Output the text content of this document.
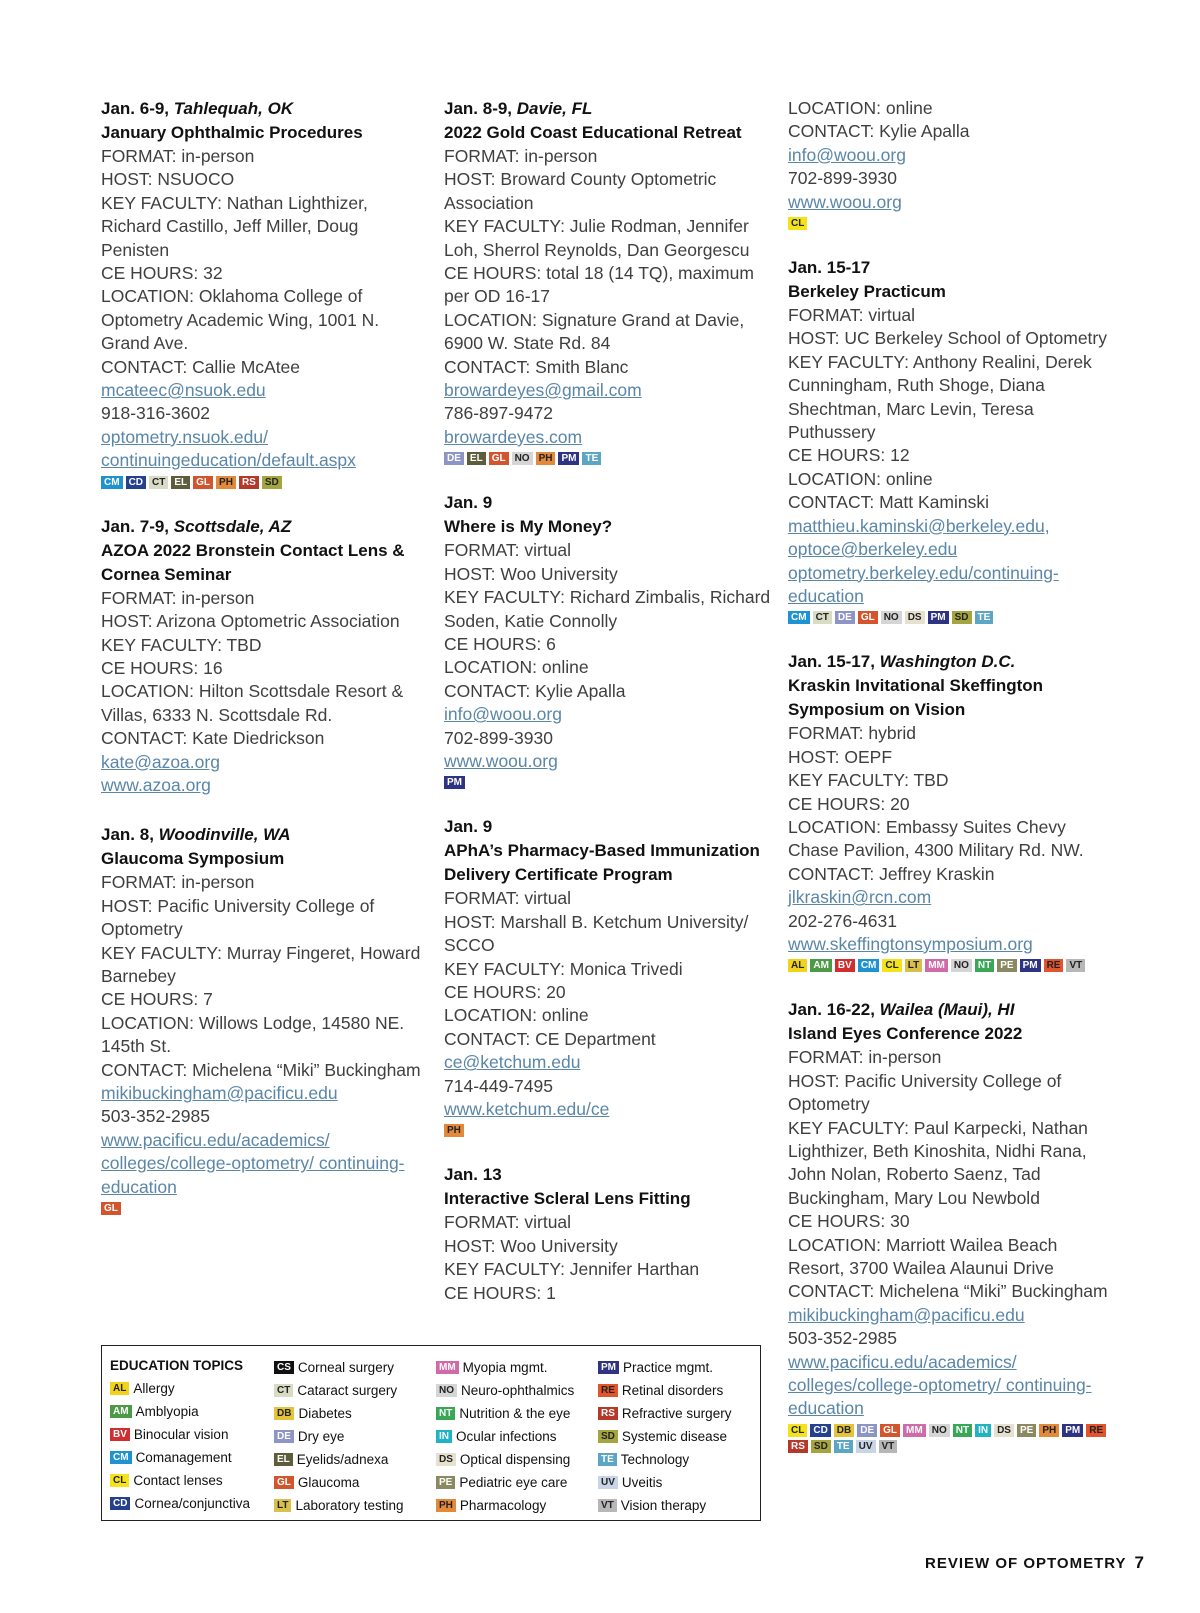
Jan. 6-9, Tahlequah, OK
January Ophthalmic Procedures
FORMAT: in-person
HOST: NSUOCO
KEY FACULTY: Nathan Lighthizer, Richard Castillo, Jeff Miller, Doug Penisten
CE HOURS: 32
LOCATION: Oklahoma College of Optometry Academic Wing, 1001 N. Grand Ave.
CONTACT: Callie McAtee
mcateec@nsuok.edu
918-316-3602
optometry.nsuok.edu/ continuingeducation/default.aspx
CM CD CT EL GL PH RS SD
Jan. 7-9, Scottsdale, AZ
AZOA 2022 Bronstein Contact Lens & Cornea Seminar
FORMAT: in-person
HOST: Arizona Optometric Association
KEY FACULTY: TBD
CE HOURS: 16
LOCATION: Hilton Scottsdale Resort & Villas, 6333 N. Scottsdale Rd.
CONTACT: Kate Diedrickson
kate@azoa.org
www.azoa.org
Jan. 8, Woodinville, WA
Glaucoma Symposium
FORMAT: in-person
HOST: Pacific University College of Optometry
KEY FACULTY: Murray Fingeret, Howard Barnebey
CE HOURS: 7
LOCATION: Willows Lodge, 14580 NE. 145th St.
CONTACT: Michelena “Miki” Buckingham
mikibuckingham@pacificu.edu
503-352-2985
www.pacificu.edu/academics/ colleges/college-optometry/ continuing-education
GL
Jan. 8-9, Davie, FL
2022 Gold Coast Educational Retreat
FORMAT: in-person
HOST: Broward County Optometric Association
KEY FACULTY: Julie Rodman, Jennifer Loh, Sherrol Reynolds, Dan Georgescu
CE HOURS: total 18 (14 TQ), maximum per OD 16-17
LOCATION: Signature Grand at Davie, 6900 W. State Rd. 84
CONTACT: Smith Blanc
browardeyes@gmail.com
786-897-9472
browardeyes.com
DE EL GL NO PH PM TE
Jan. 9
Where is My Money?
FORMAT: virtual
HOST: Woo University
KEY FACULTY: Richard Zimbalis, Richard Soden, Katie Connolly
CE HOURS: 6
LOCATION: online
CONTACT: Kylie Apalla
info@woou.org
702-899-3930
www.woou.org
PM
Jan. 9
APhA’s Pharmacy-Based Immunization Delivery Certificate Program
FORMAT: virtual
HOST: Marshall B. Ketchum University/ SCCO
KEY FACULTY: Monica Trivedi
CE HOURS: 20
LOCATION: online
CONTACT: CE Department
ce@ketchum.edu
714-449-7495
www.ketchum.edu/ce
PH
Jan. 13
Interactive Scleral Lens Fitting
FORMAT: virtual
HOST: Woo University
KEY FACULTY: Jennifer Harthan
CE HOURS: 1
LOCATION: online
CONTACT: Kylie Apalla
info@woou.org
702-899-3930
www.woou.org
CL
Jan. 15-17
Berkeley Practicum
FORMAT: virtual
HOST: UC Berkeley School of Optometry
KEY FACULTY: Anthony Realini, Derek Cunningham, Ruth Shoge, Diana Shechtman, Marc Levin, Teresa Puthussery
CE HOURS: 12
LOCATION: online
CONTACT: Matt Kaminski
matthieu.kaminski@berkeley.edu, optoce@berkeley.edu
optometry.berkeley.edu/continuing-education
CM CT DE GL NO DS PM SD TE
Jan. 15-17, Washington D.C.
Kraskin Invitational Skeffington Symposium on Vision
FORMAT: hybrid
HOST: OEPF
KEY FACULTY: TBD
CE HOURS: 20
LOCATION: Embassy Suites Chevy Chase Pavilion, 4300 Military Rd. NW.
CONTACT: Jeffrey Kraskin
jlkraskin@rcn.com
202-276-4631
www.skeffingtonsymposium.org
AL AM BV CM CL LT MM NO NT PE PM RE VT
Jan. 16-22, Wailea (Maui), HI
Island Eyes Conference 2022
FORMAT: in-person
HOST: Pacific University College of Optometry
KEY FACULTY: Paul Karpecki, Nathan Lighthizer, Beth Kinoshita, Nidhi Rana, John Nolan, Roberto Saenz, Tad Buckingham, Mary Lou Newbold
CE HOURS: 30
LOCATION: Marriott Wailea Beach Resort, 3700 Wailea Alaunui Drive
CONTACT: Michelena “Miki” Buckingham
mikibuckingham@pacificu.edu
503-352-2985
www.pacificu.edu/academics/ colleges/college-optometry/ continuing-education
CL CD DB DE GL MM NO NT IN DS PE PH PM RE
RS SD TE UV VT
EDUCATION TOPICS
AL Allergy
AM Amblyopia
BV Binocular vision
CM Comanagement
CL Contact lenses
CD Cornea/conjunctiva
CS Corneal surgery
CT Cataract surgery
DB Diabetes
DE Dry eye
EL Eyelids/adnexa
GL Glaucoma
LT Laboratory testing
MM Myopia mgmt.
NO Neuro-ophthalmics
NT Nutrition & the eye
IN Ocular infections
DS Optical dispensing
PE Pediatric eye care
PH Pharmacology
PM Practice mgmt.
RE Retinal disorders
RS Refractive surgery
SD Systemic disease
TE Technology
UV Uveitis
VT Vision therapy
REVIEW OF OPTOMETRY 7
